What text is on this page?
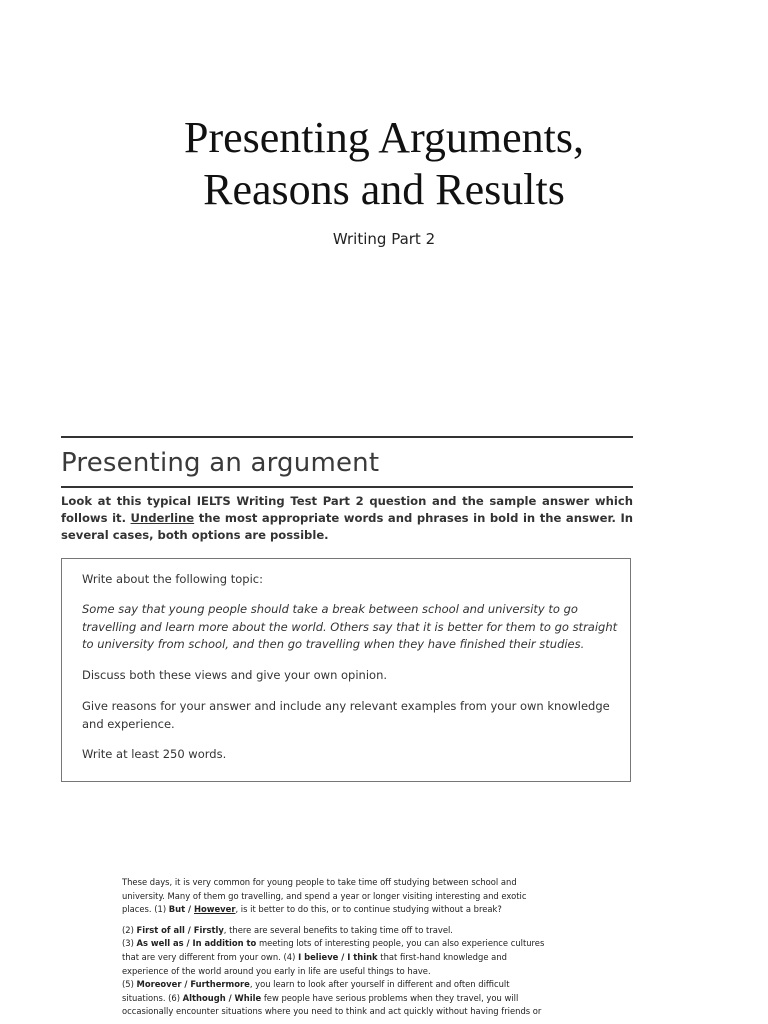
Presenting Arguments,
Reasons and Results
Writing Part 2
Presenting an argument
Look at this typical IELTS Writing Test Part 2 question and the sample answer which follows it. Underline the most appropriate words and phrases in bold in the answer. In several cases, both options are possible.

Write about the following topic:

Some say that young people should take a break between school and university to go travelling and learn more about the world. Others say that it is better for them to go straight to university from school, and then go travelling when they have finished their studies.

Discuss both these views and give your own opinion.

Give reasons for your answer and include any relevant examples from your own knowledge and experience.

Write at least 250 words.

These days, it is very common for young people to take time off studying between school and university. Many of them go travelling, and spend a year or longer visiting interesting and exotic places. (1) But / However, is it better to do this, or to continue studying without a break?

(2) First of all / Firstly, there are several benefits to taking time off to travel.

(3) As well as / In addition to meeting lots of interesting people, you can also experience cultures that are very different from your own. (4) I believe / I think that first-hand knowledge and experience of the world around you early in life are useful things to have.

(5) Moreover / Furthermore, you learn to look after yourself in different and often difficult situations. (6) Although / While few people have serious problems when they travel, you will occasionally encounter situations where you need to think and act quickly without having friends or
